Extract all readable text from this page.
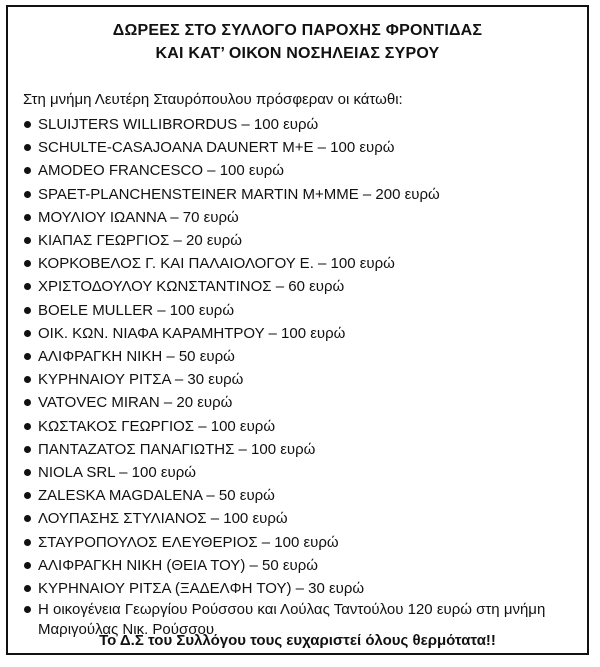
ΔΩΡΕΕΣ ΣΤΟ ΣΥΛΛΟΓΟ ΠΑΡΟΧΗΣ ΦΡΟΝΤΙΔΑΣ
ΚΑΙ ΚΑΤ’ ΟΙΚΟΝ ΝΟΣΗΛΕΙΑΣ ΣΥΡΟΥ
Στη μνήμη Λευτέρη Σταυρόπουλου πρόσφεραν οι κάτωθι:
SLUIJTERS WILLIBRORDUS – 100 ευρώ
SCHULTE-CASAJOANA DAUNERT M+E – 100 ευρώ
AMODEO FRANCESCO – 100 ευρώ
SPAET-PLANCHENSTEINER MARTIN M+MME – 200 ευρώ
ΜΟΥΛΙΟΥ ΙΩΑΝΝΑ – 70 ευρώ
ΚΙΑΠΑΣ ΓΕΩΡΓΙΟΣ – 20 ευρώ
ΚΟΡΚΟΒΕΛΟΣ Γ. ΚΑΙ ΠΑΛΑΙΟΛΟΓΟΥ Ε. – 100 ευρώ
ΧΡΙΣΤΟΔΟΥΛΟΥ ΚΩΝΣΤΑΝΤΙΝΟΣ – 60 ευρώ
BOELE MULLER – 100 ευρώ
ΟΙΚ. ΚΩΝ. ΝΙΑΦΑ ΚΑΡΑΜΗΤΡΟΥ – 100 ευρώ
ΑΛΙΦΡΑΓΚΗ ΝΙΚΗ – 50 ευρώ
ΚΥΡΗΝΑΙΟΥ ΡΙΤΣΑ – 30 ευρώ
VATOVEC MIRAN – 20 ευρώ
ΚΩΣΤΑΚΟΣ ΓΕΩΡΓΙΟΣ – 100 ευρώ
ΠΑΝΤΑΖΑΤΟΣ ΠΑΝΑΓΙΩΤΗΣ – 100 ευρώ
NIOLA SRL – 100 ευρώ
ZALESKA MAGDALENA – 50 ευρώ
ΛΟΥΠΑΣΗΣ ΣΤΥΛΙΑΝΟΣ – 100 ευρώ
ΣΤΑΥΡΟΠΟΥΛΟΣ ΕΛΕΥΘΕΡΙΟΣ – 100 ευρώ
ΑΛΙΦΡΑΓΚΗ ΝΙΚΗ (ΘΕΙΑ ΤΟΥ) – 50 ευρώ
ΚΥΡΗΝΑΙΟΥ ΡΙΤΣΑ (ΞΑΔΕΛΦΗ ΤΟΥ) – 30 ευρώ
Η οικογένεια Γεωργίου Ρούσσου και Λούλας Ταντούλου 120 ευρώ στη μνήμη Μαριγούλας Νικ. Ρούσσου
Το Δ.Σ του Συλλόγου τους ευχαριστεί όλους θερμότατα!!
